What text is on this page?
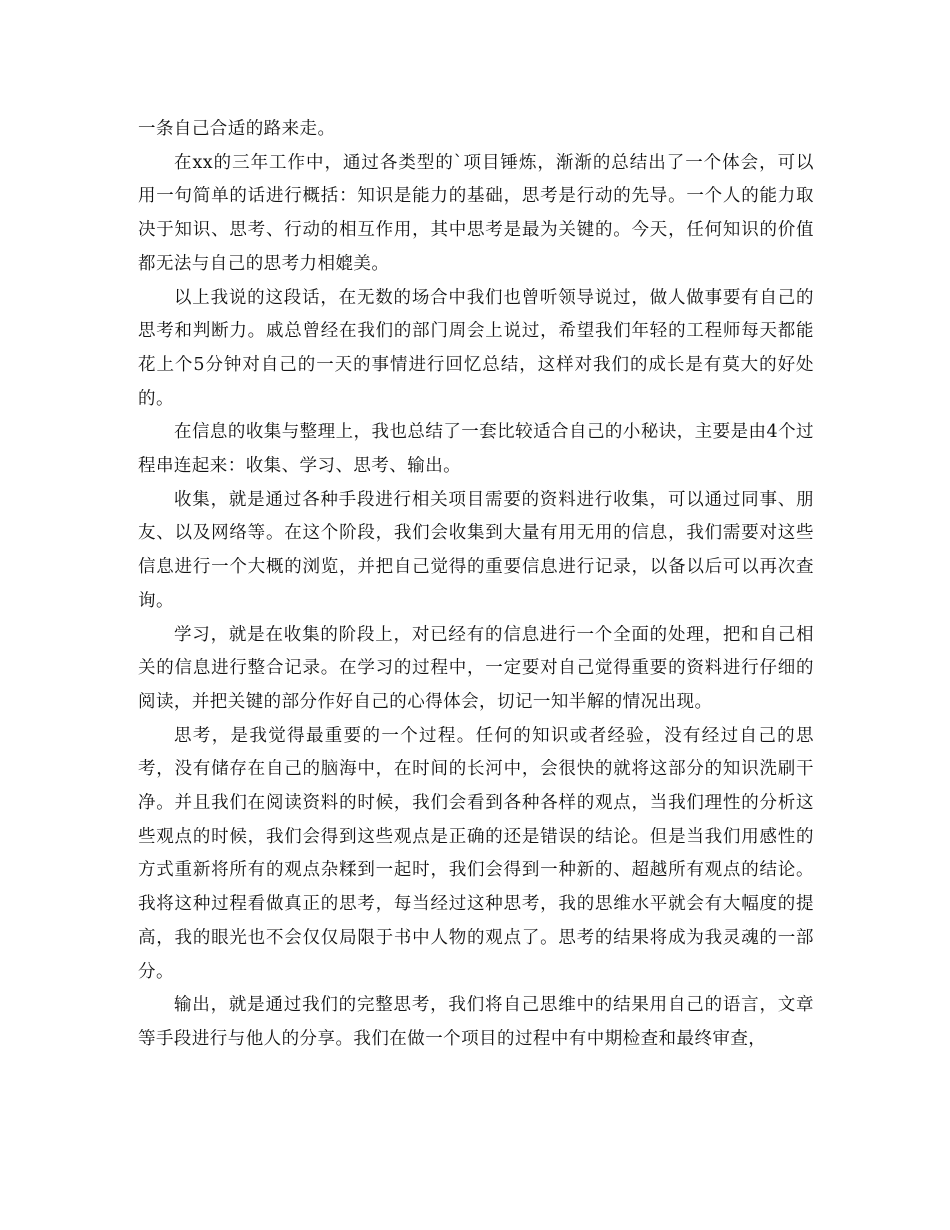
一条自己合适的路来走。

在xx的三年工作中，通过各类型的`项目锤炼，渐渐的总结出了一个体会，可以用一句简单的话进行概括：知识是能力的基础，思考是行动的先导。一个人的能力取决于知识、思考、行动的相互作用，其中思考是最为关键的。今天，任何知识的价值都无法与自己的思考力相媲美。

以上我说的这段话，在无数的场合中我们也曾听领导说过，做人做事要有自己的思考和判断力。戚总曾经在我们的部门周会上说过，希望我们年轻的工程师每天都能花上个5分钟对自己的一天的事情进行回忆总结，这样对我们的成长是有莫大的好处的。

在信息的收集与整理上，我也总结了一套比较适合自己的小秘诀，主要是由4个过程串连起来：收集、学习、思考、输出。

收集，就是通过各种手段进行相关项目需要的资料进行收集，可以通过同事、朋友、以及网络等。在这个阶段，我们会收集到大量有用无用的信息，我们需要对这些信息进行一个大概的浏览，并把自己觉得的重要信息进行记录，以备以后可以再次查询。

学习，就是在收集的阶段上，对已经有的信息进行一个全面的处理，把和自己相关的信息进行整合记录。在学习的过程中，一定要对自己觉得重要的资料进行仔细的阅读，并把关键的部分作好自己的心得体会，切记一知半解的情况出现。

思考，是我觉得最重要的一个过程。任何的知识或者经验，没有经过自己的思考，没有储存在自己的脑海中，在时间的长河中，会很快的就将这部分的知识洗刷干净。并且我们在阅读资料的时候，我们会看到各种各样的观点，当我们理性的分析这些观点的时候，我们会得到这些观点是正确的还是错误的结论。但是当我们用感性的方式重新将所有的观点杂糅到一起时，我们会得到一种新的、超越所有观点的结论。我将这种过程看做真正的思考，每当经过这种思考，我的思维水平就会有大幅度的提高，我的眼光也不会仅仅局限于书中人物的观点了。思考的结果将成为我灵魂的一部分。

输出，就是通过我们的完整思考，我们将自己思维中的结果用自己的语言，文章等手段进行与他人的分享。我们在做一个项目的过程中有中期检查和最终审查，
